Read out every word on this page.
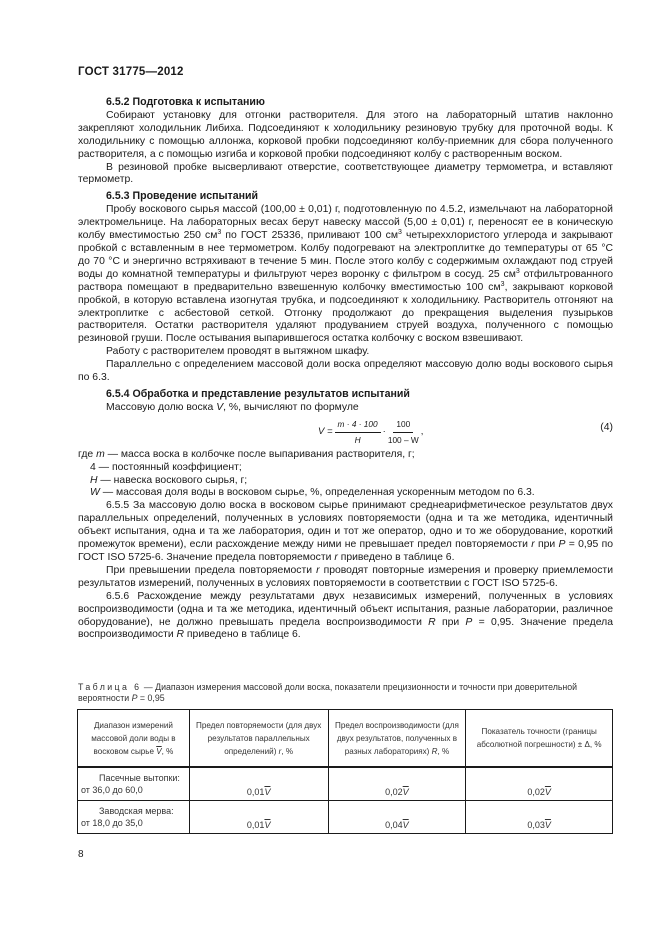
ГОСТ 31775—2012

6.5.2 Подготовка к испытанию

Собирают установку для отгонки растворителя. Для этого на лабораторный штатив наклонно закрепляют холодильник Либиха. Подсоединяют к холодильнику резиновую трубку для проточной воды. К холодильнику с помощью аллонжа, корковой пробки подсоединяют колбу-приемник для сбора полученного растворителя, а с помощью изгиба и корковой пробки подсоединяют колбу с растворенным воском.

В резиновой пробке высверливают отверстие, соответствующее диаметру термометра, и вставляют термометр.

6.5.3 Проведение испытаний

Пробу воскового сырья массой (100,00 ± 0,01) г, подготовленную по 4.5.2, измельчают на лабораторной электромельнице. На лабораторных весах берут навеску массой (5,00 ± 0,01) г, переносят ее в коническую колбу вместимостью 250 $см^3$ по ГОСТ 25336, приливают 100 $см^3$ четыреххлористого углерода и закрывают пробкой с вставленным в нее термометром. Колбу подогревают на электроплитке до температуры от 65 °С до 70 °С и энергично встряхивают в течение 5 мин. После этого колбу с содержимым охлаждают под струей воды до комнатной температуры и фильтруют через воронку с фильтром в сосуд. 25 $см^3$ отфильтрованного раствора помещают в предварительно взвешенную колбочку вместимостью 100 $см^3$, закрывают корковой пробкой, в которую вставлена изогнутая трубка, и подсоединяют к холодильнику. Растворитель отгоняют на электроплитке с асбестовой сеткой. Отгонку продолжают до прекращения выделения пузырьков растворителя. Остатки растворителя удаляют продуванием струей воздуха, полученного с помощью резиновой груши. После остывания выпарившегося остатка колбочку с воском взвешивают.

Работу с растворителем проводят в вытяжном шкафу.

Параллельно с определением массовой доли воска определяют массовую долю воды воскового сырья по 6.3.

6.5.4 Обработка и представление результатов испытаний

Массовую долю воска V, %, вычисляют по формуле

$V = \frac{m \cdot 4 \cdot 100}{H} \cdot \frac{100}{100 - W}$ ,	(4)

где m — масса воска в колбочке после выпаривания растворителя, г;

4 — постоянный коэффициент;

H — навеска воскового сырья, г;

W — массовая доля воды в восковом сырье, %, определенная ускоренным методом по 6.3.

6.5.5 За массовую долю воска в восковом сырье принимают среднеарифметическое результатов двух параллельных определений, полученных в условиях повторяемости (одна и та же методика, идентичный объект испытания, одна и та же лаборатория, один и тот же оператор, одно и то же оборудование, короткий промежуток времени), если расхождение между ними не превышает предел повторяемости r при P = 0,95 по ГОСТ ISO 5725-6. Значение предела повторяемости r приведено в таблице 6.

При превышении предела повторяемости r проводят повторные измерения и проверку приемлемости результатов измерений, полученных в условиях повторяемости в соответствии с ГОСТ ISO 5725-6.

6.5.6 Расхождение между результатами двух независимых измерений, полученных в условиях воспроизводимости (одна и та же методика, идентичный объект испытания, разные лаборатории, различное оборудование), не должно превышать предела воспроизводимости R при P = 0,95. Значение предела воспроизводимости R приведено в таблице 6.

Таблица 6 — Диапазон измерения массовой доли воска, показатели прецизионности и точности при доверительной вероятности P = 0,95
Диапазон измерений массовой доли воды в восковом сырье $\overline{V}$, %	Предел повторяемости (для двух результатов параллельных определений) r, %	Предел воспроизводимости (для двух результатов, полученных в разных лабораториях) R, %	Показатель точности (границы абсолютной погрешности) ± Δ, %

Пасечные вытопки:
от 36,0 до 60,0	$0,01\overline{V}$	$0,02\overline{V}$	$0,02\overline{V}$

Заводская мерва:
от 18,0 до 35,0	$0,01\overline{V}$	$0,04\overline{V}$	$0,03\overline{V}$
8
